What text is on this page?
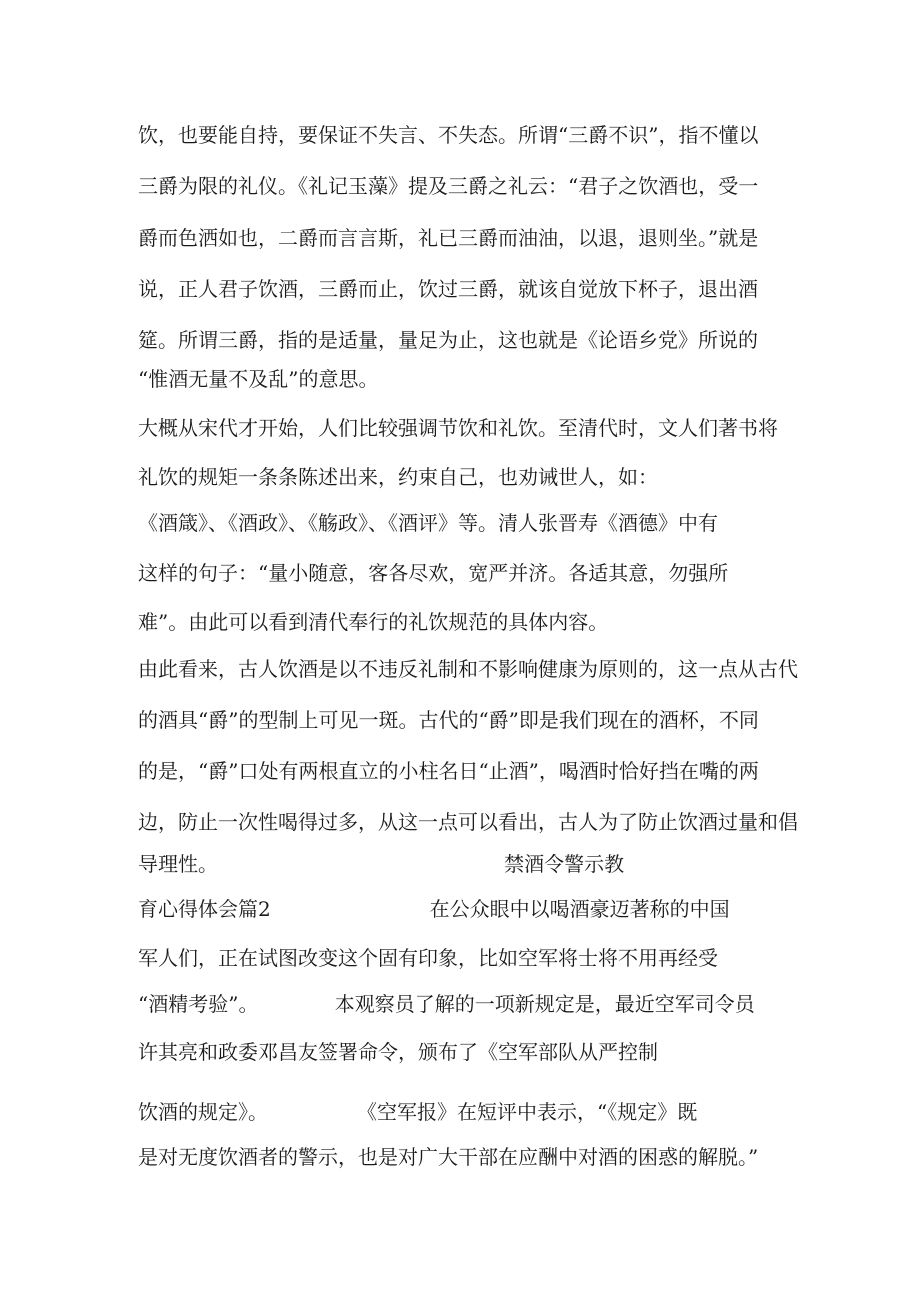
饮，也要能自持，要保证不失言、不失态。所谓“三爵不识”，指不懂以
三爵为限的礼仪。《礼记玉藻》提及三爵之礼云：“君子之饮酒也，受一
爵而色洒如也，二爵而言言斯，礼已三爵而油油，以退，退则坐。”就是
说，正人君子饮酒，三爵而止，饮过三爵，就该自觉放下杯子，退出酒
筵。所谓三爵，指的是适量，量足为止，这也就是《论语乡党》所说的
“惟酒无量不及乱”的意思。
大概从宋代才开始，人们比较强调节饮和礼饮。至清代时，文人们著书将
礼饮的规矩一条条陈述出来，约束自己，也劝诫世人，如：
《酒箴》、《酒政》、《觞政》、《酒评》等。清人张晋寿《酒德》中有
这样的句子：“量小随意，客各尽欢，宽严并济。各适其意，勿强所
难”。由此可以看到清代奉行的礼饮规范的具体内容。
由此看来，古人饮酒是以不违反礼制和不影响健康为原则的，这一点从古代
的酒具“爵”的型制上可见一斑。古代的“爵”即是我们现在的酒杯，不同
的是，“爵”口处有两根直立的小柱名日“止酒”，喝酒时恰好挡在嘴的两
边，防止一次性喝得过多，从这一点可以看出，古人为了防止饮酒过量和倡
导理性。                                             禁酒令警示教
育心得体会篇2                         在公众眼中以喝酒豪迈著称的中国
军人们，正在试图改变这个固有印象，比如空军将士将不用再经受
“酒精考验”。            本观察员了解的一项新规定是，最近空军司令员
许其亮和政委邓昌友签署命令，颁布了《空军部队从严控制
饮酒的规定》。              《空军报》在短评中表示，“《规定》既
是对无度饮酒者的警示，也是对广大干部在应酬中对酒的困惑的解脱。”
